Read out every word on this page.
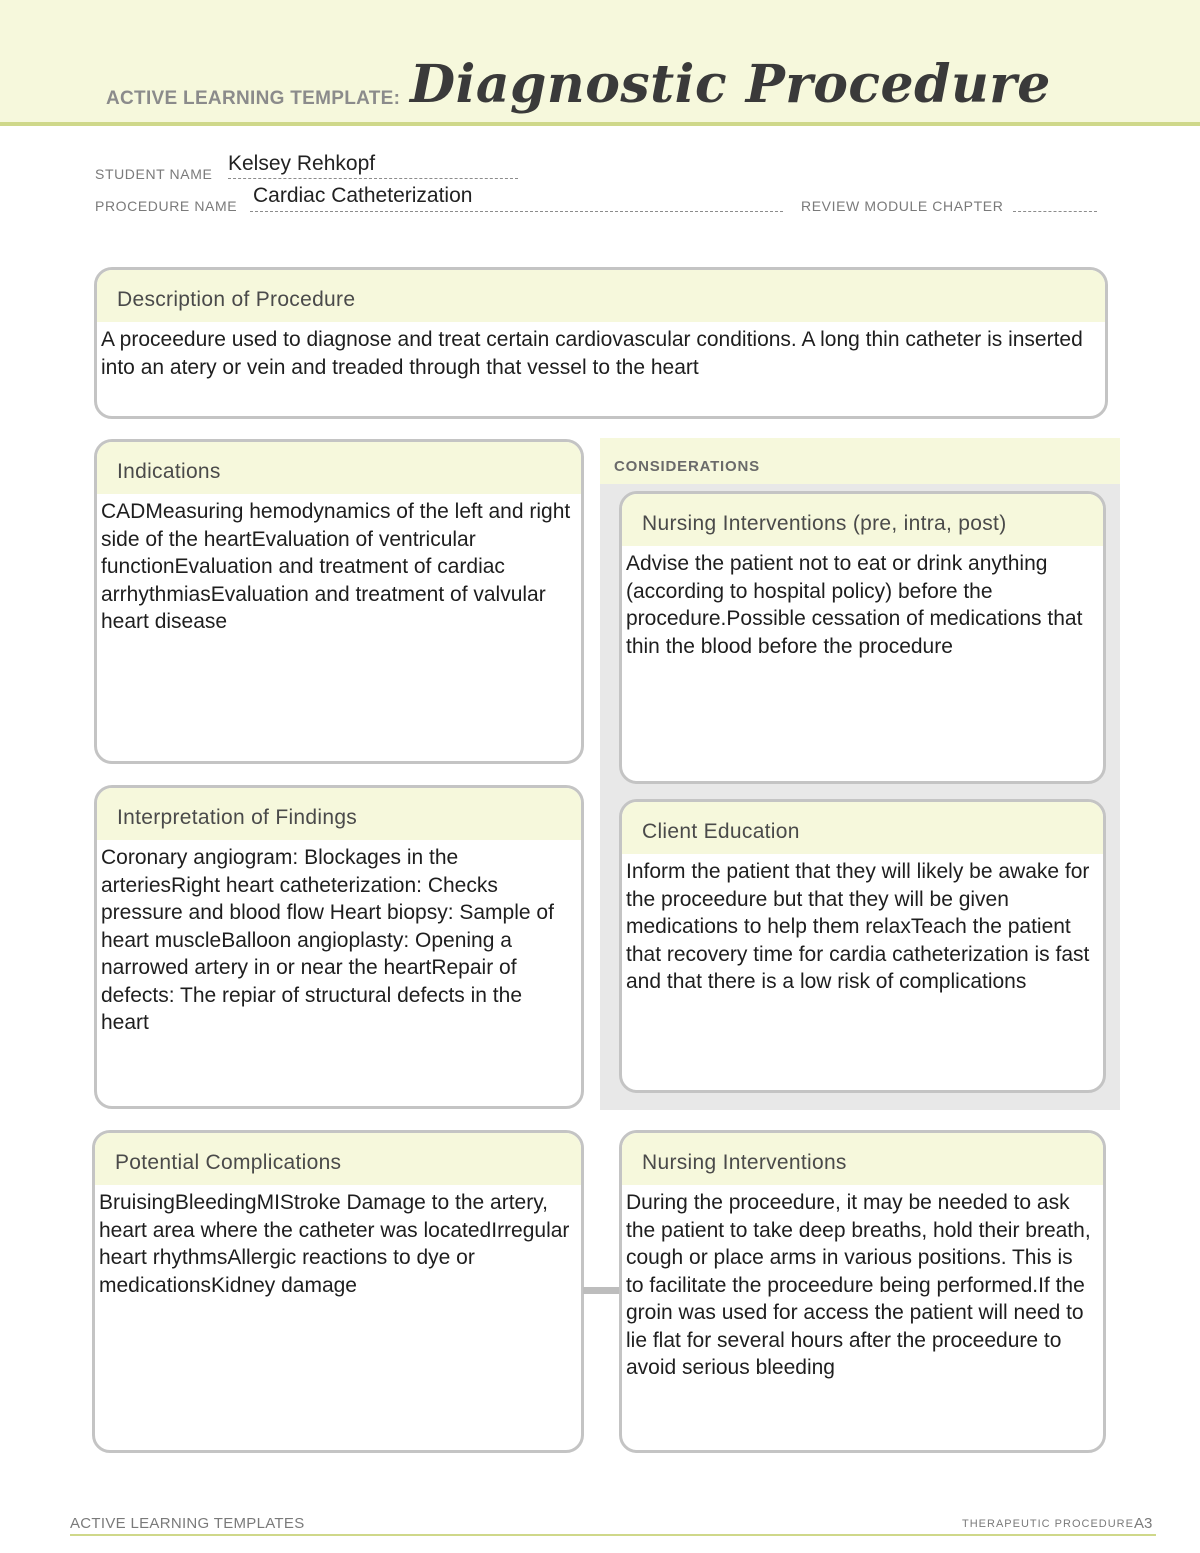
ACTIVE LEARNING TEMPLATE: Diagnostic Procedure
STUDENT NAME Kelsey Rehkopf
PROCEDURE NAME Cardiac Catheterization	REVIEW MODULE CHAPTER
Description of Procedure
A proceedure used to diagnose and treat certain cardiovascular conditions. A long thin catheter is inserted into an atery or vein and treaded through that vessel to the heart
CONSIDERATIONS
Indications
CADMeasuring hemodynamics of the left and right side of the heartEvaluation of ventricular functionEvaluation and treatment of cardiac arrhythmiasEvaluation and treatment of valvular heart disease
Nursing Interventions (pre, intra, post)
Advise the patient not to eat or drink anything (according to hospital policy) before the procedure.Possible cessation of medications that thin the blood before the procedure
Interpretation of Findings
Coronary angiogram: Blockages in the arteriesRight heart catheterization: Checks pressure and blood flow Heart biopsy: Sample of heart muscleBalloon angioplasty: Opening a narrowed artery in or near the heartRepair of defects: The repiar of structural defects in the heart
Client Education
Inform the patient that they will likely be awake for the proceedure but that they will be given medications to help them relaxTeach the patient that recovery time for cardia catheterization is fast and that there is a low risk of complications
Potential Complications
BruisingBleedingMIStroke Damage to the artery, heart area where the catheter was locatedIrregular heart rhythmsAllergic reactions to dye or medicationsKidney damage
Nursing Interventions
During the proceedure, it may be needed to ask the patient to take deep breaths, hold their breath, cough or place arms in various positions. This is to facilitate the proceedure being performed.If the groin was used for access the patient will need to lie flat for several hours after the proceedure to avoid serious bleeding
ACTIVE LEARNING TEMPLATES	THERAPEUTIC PROCEDURE A3
